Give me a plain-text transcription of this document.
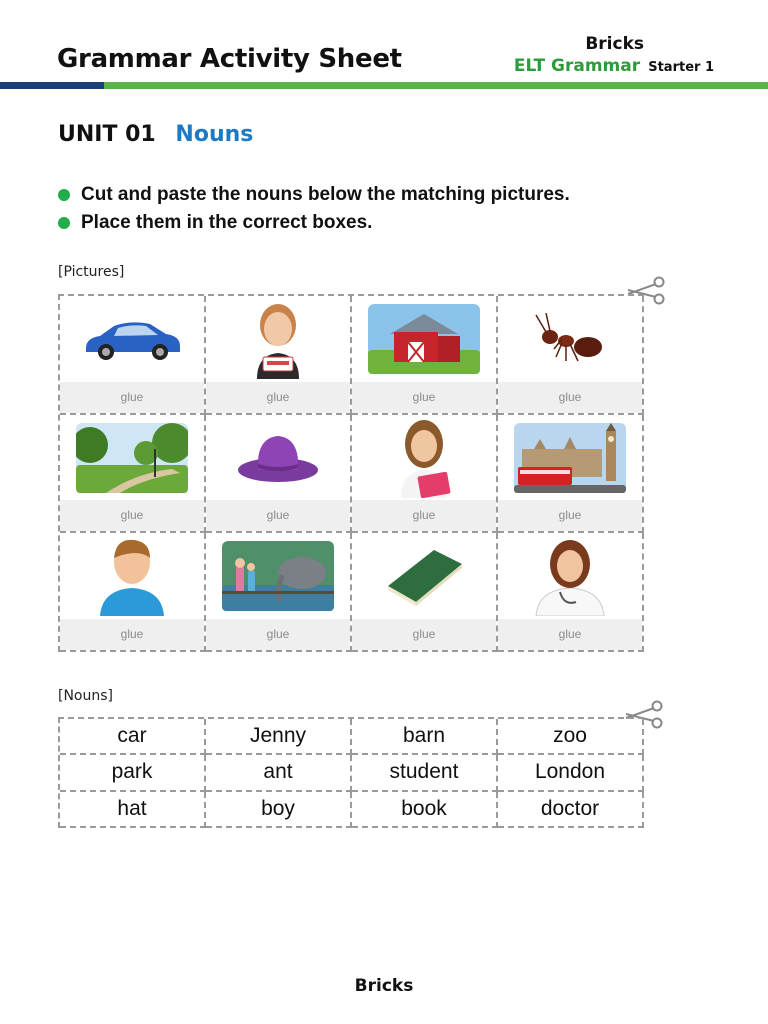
Grammar Activity Sheet	Bricks
ELT Grammar Starter 1
UNIT 01 Nouns
Cut and paste the nouns below the matching pictures.
Place them in the correct boxes.
[Pictures]
glue	glue	glue	glue
glue	glue	glue	glue
glue	glue	glue	glue
[Nouns]
car	Jenny	barn	zoo
park	ant	student	London
hat	boy	book	doctor
Bricks
